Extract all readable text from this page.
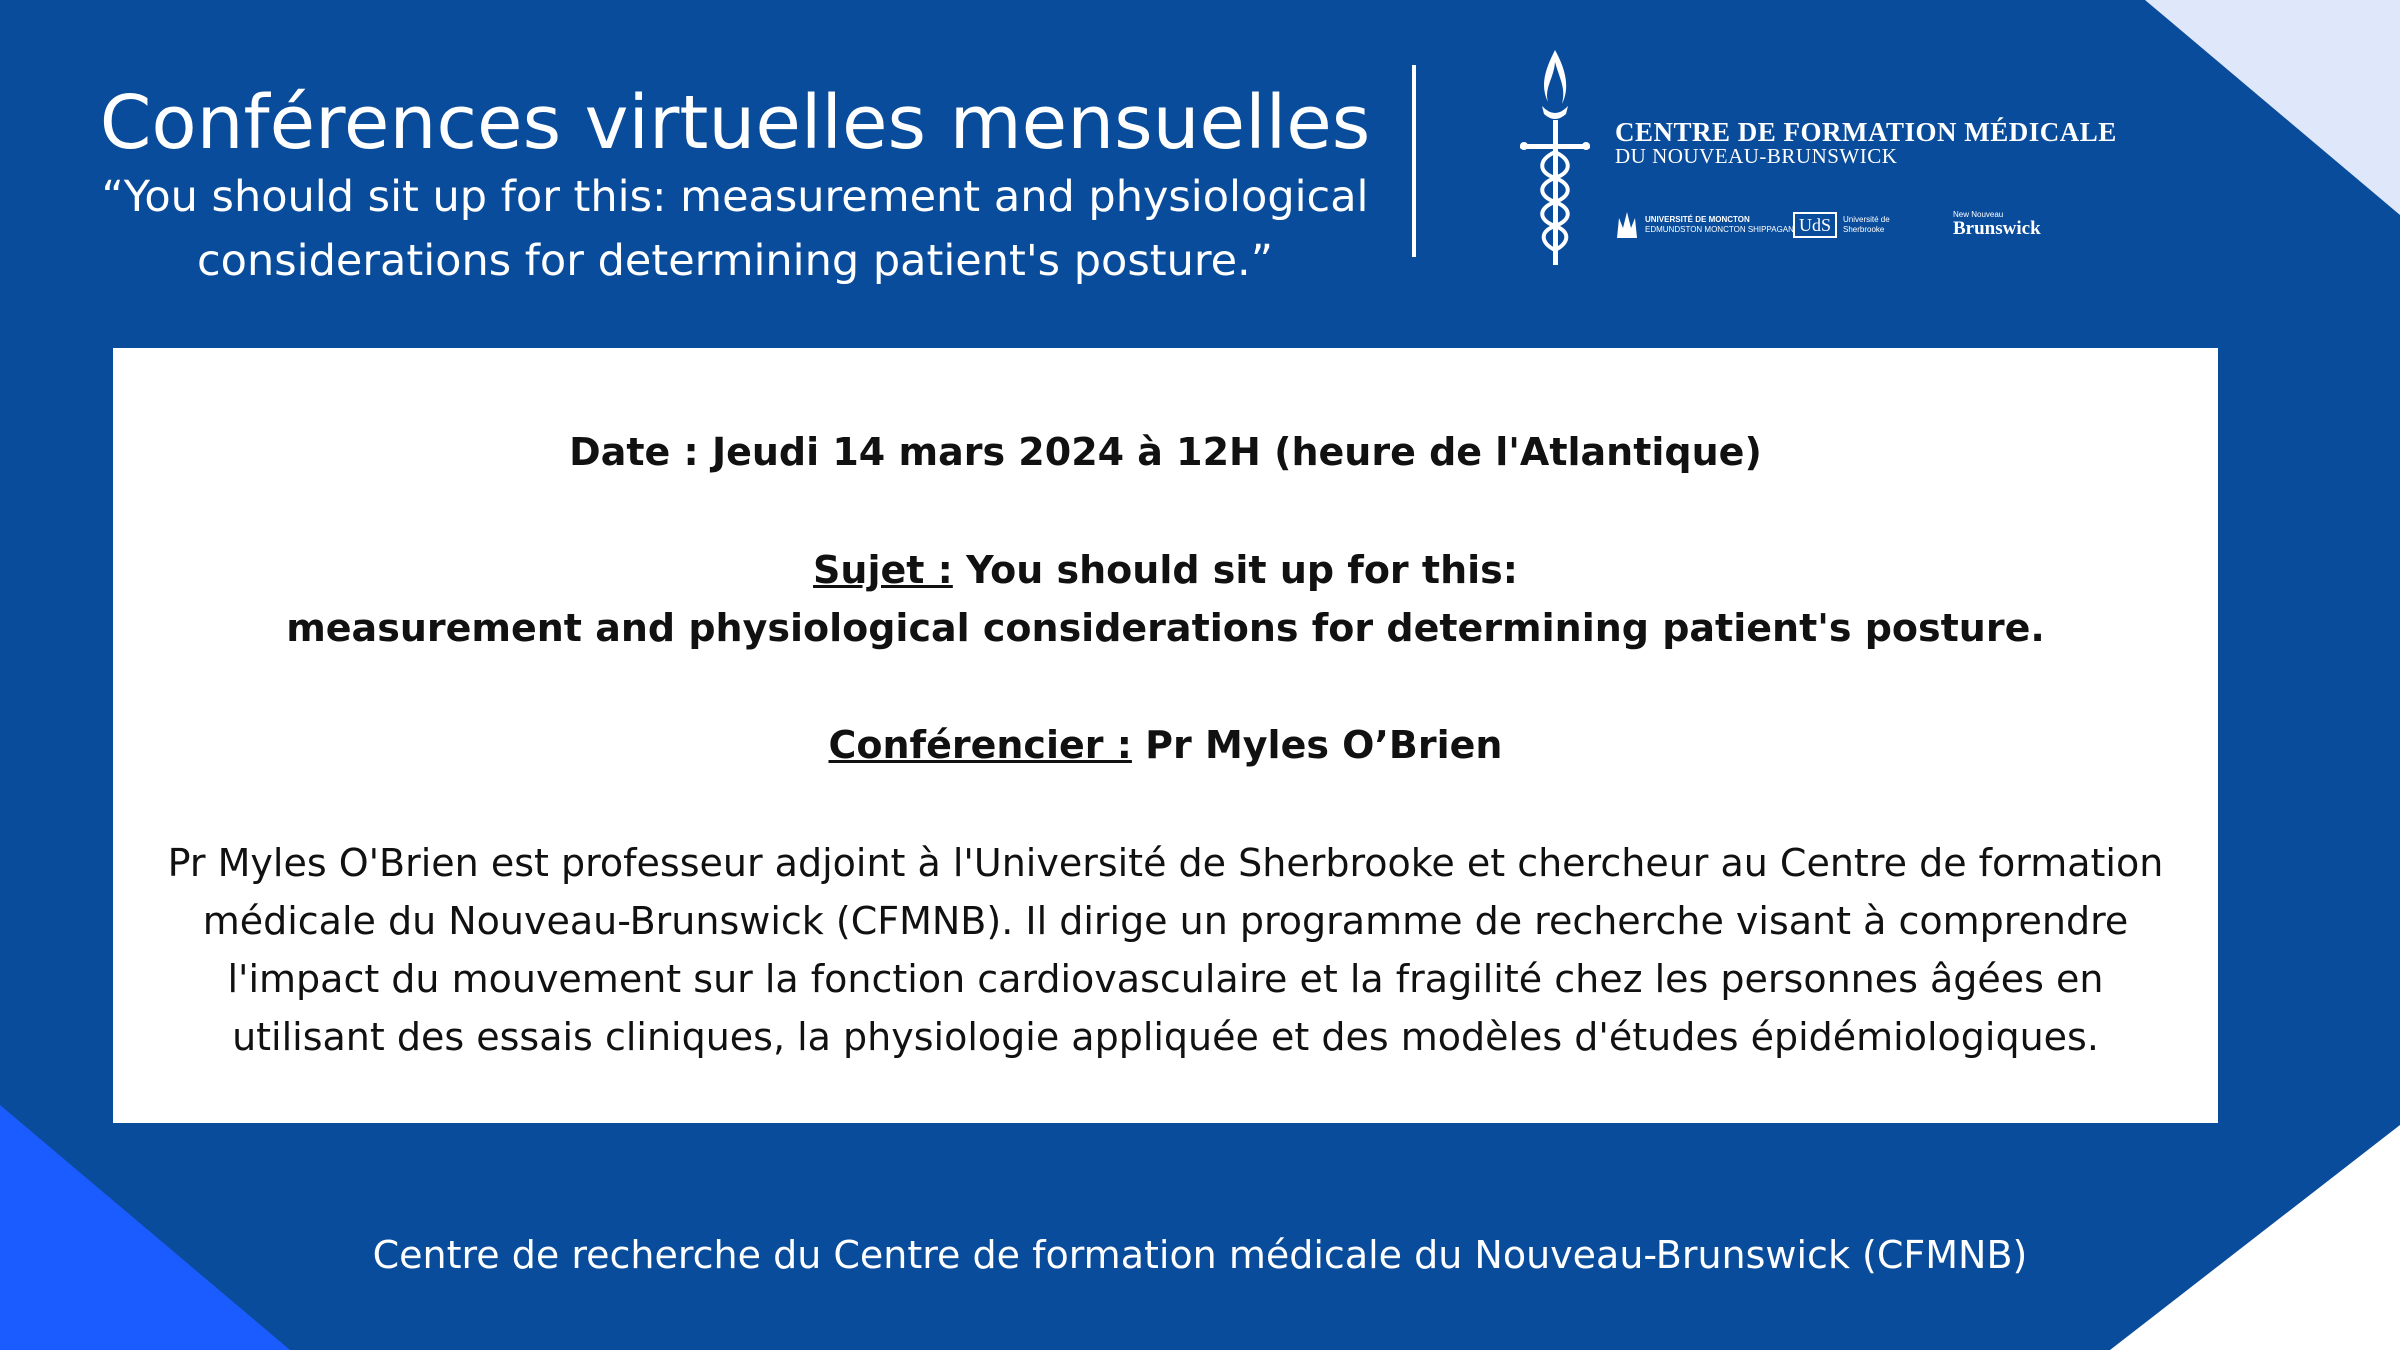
Conférences virtuelles mensuelles
“You should sit up for this: measurement and physiological
considerations for determining patient's posture.”
CENTRE DE FORMATION MÉDICALE
DU NOUVEAU-BRUNSWICK
UNIVERSITÉ DE MONCTON
EDMUNDSTON MONCTON SHIPPAGAN UdS	Université de
Sherbrooke
New Nouveau
Brunswick
Date : Jeudi 14 mars 2024 à 12H (heure de l'Atlantique)
Sujet : You should sit up for this:
measurement and physiological considerations for determining patient's posture.
Conférencier : Pr Myles O’Brien
Pr Myles O'Brien est professeur adjoint à l'Université de Sherbrooke et chercheur au Centre de formation
médicale du Nouveau-Brunswick (CFMNB). Il dirige un programme de recherche visant à comprendre
l'impact du mouvement sur la fonction cardiovasculaire et la fragilité chez les personnes âgées en
utilisant des essais cliniques, la physiologie appliquée et des modèles d'études épidémiologiques.
Centre de recherche du Centre de formation médicale du Nouveau-Brunswick (CFMNB)
